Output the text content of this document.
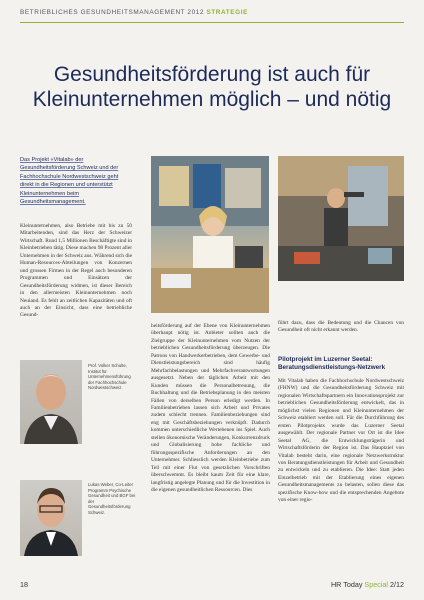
BETRIEBLICHES GESUNDHEITSMANAGEMENT 2012 STRATEGIE
Gesundheitsförderung ist auch für
Kleinunternehmen möglich – und nötig
Das Projekt «Vitalab» der Gesundheitsförderung Schweiz und der Fachhochschule Nordwestschweiz geht direkt in die Regionen und unterstützt Kleinunternehmen beim Gesundheitsmanagement.
Kleinunternehmen, also Betriebe mit bis zu 50 Mitarbeitenden, sind das Herz der Schweizer Wirtschaft. Rund 1,5 Millionen Beschäftigte sind in Kleinbetrieben tätig. Diese machen 98 Prozent aller Unternehmen in der Schweiz aus. Während sich die Human-Resources-Abteilungen von Konzernen und grossen Firmen in der Regel auch besonderen Programmen und Einsätzen der Gesundheitsförderung widmen, ist dieser Bereich in den allermeisten Kleinunternehmen noch Neuland. Es fehlt an zeitlichen Kapazitäten und oft auch an der Einsicht, dass eine betriebliche Gesund-
Prof. Volker Schulte, Institut für Unternehmensführung der Fachhochschule Nordwestschweiz.
Lukas Weber, Co-Leiter Programm Psychische Gesundheit und BGF bei der Gesundheitsförderung Schweiz.
heitsförderung auf der Ebene von Kleinunternehmen überhaupt nötig ist. Anbieter sollten auch die Zielgruppe der Kleinunternehmen vom Nutzen der betrieblichen Gesundheitsförderung überzeugen. Die Patrons von Handwerkerbetrieben, dem Gewerbe- und Dienstleistungsbereich sind häufig Mehrfachbelastungen und Mehrfachverantwortungen ausgesetzt. Neben der täglichen Arbeit mit den Kunden müssen die Personalbetreuung, die Buchhaltung und die Betriebsplanung in den meisten Fällen von derselben Person erledigt werden. In Familienbetrieben lassen sich Arbeit und Privates zudem schlecht trennen. Familienbeziehungen sind eng mit Geschäftsbeziehungen verknüpft. Dadurch kommen unterschiedliche Wertebenen ins Spiel. Auch stellen ökonomische Veränderungen, Konkurrenzdruck und Globalisierung hohe fachliche und führungsspezifische Anforderungen an den Unternehmer. Schliesslich werden Kleinbetriebe zum Teil mit einer Flut von gesetzlichen Vorschriften überschwemmt. Es bleibt kaum Zeit für eine klare, langfristig angelegte Planung und für die Investition in die eigenen gesundheitlichen Ressourcen. Dies
führt dazu, dass die Bedeutung und die Chancen von Gesundheit oft nicht erkannt werden.
Pilotprojekt im Luzerner Seetal: Beratungsdienstleistungs-Netzwerk
Mit Vitalab haben die Fachhochschule Nordwestschweiz (FHNW) und die Gesundheitsförderung Schweiz mit regionalen Wirtschaftspartnern ein Innovationsprojekt zur betrieblichen Gesundheitsförderung entwickelt, das in möglichst vielen Regionen und Kleinunternehmen der Schweiz etabliert werden soll. Für die Durchführung des ersten Pilotprojekts wurde das Luzerner Seetal ausgewählt. Der regionale Partner vor Ort ist die Idee Seetal AG, die Entwicklungsträgerin und Wirtschaftsförderin der Region ist. Das Hauptziel von Vitalab besteht darin, eine regionale Netzwerkstruktur von Beratungsdienstleistungen für Arbeit und Gesundheit zu entwickeln und zu etablieren. Die Idee: Statt jeden Einzelbetrieb mit der Etablierung eines eigenen Gesundheitsmanagements zu belasten, sollen diese das spezifische Know-how und die entsprechenden Angebote von einer regio-
18	HR Today Special 2/12
